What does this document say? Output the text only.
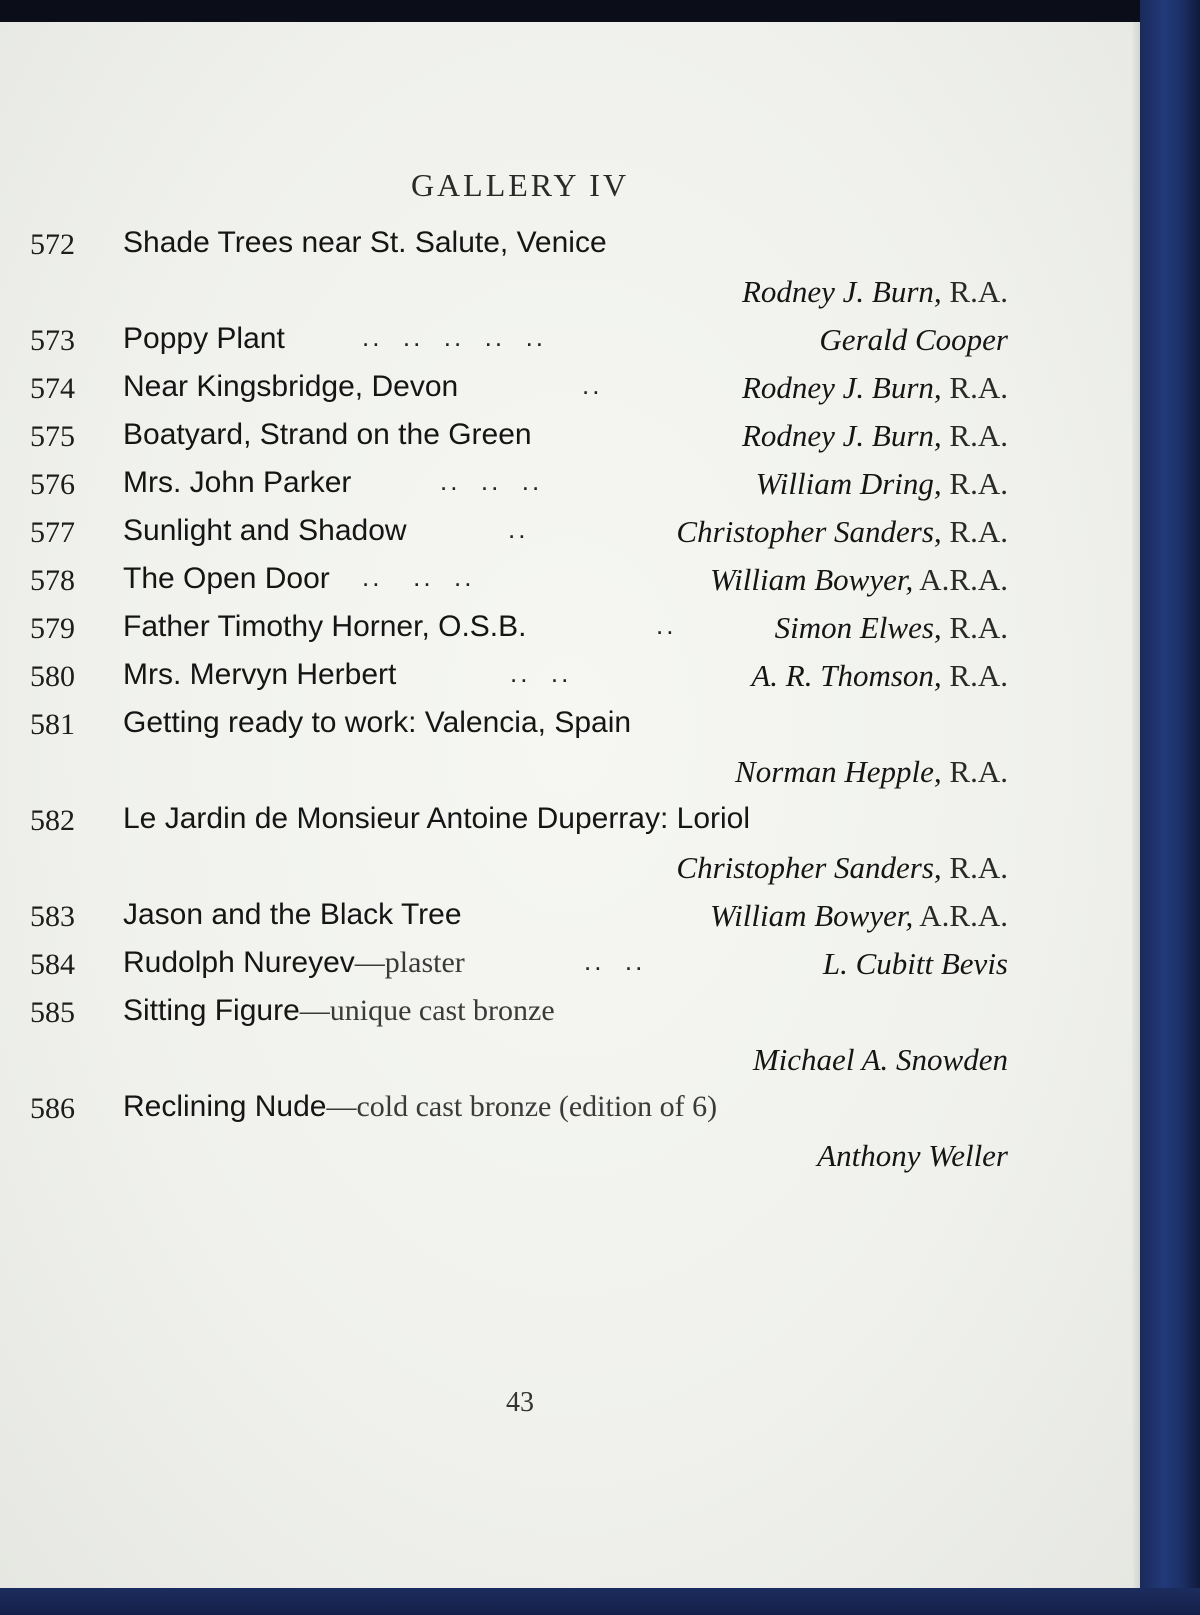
GALLERY IV
572 Shade Trees near St. Salute, Venice
Rodney J. Burn, R.A.
573 Poppy Plant	..  ..  ..  ..  ..	Gerald Cooper
574 Near Kingsbridge, Devon	..	Rodney J. Burn, R.A.
575 Boatyard, Strand on the Green	Rodney J. Burn, R.A.
576 Mrs. John Parker	..  ..  ..	William Dring, R.A.
577 Sunlight and Shadow	..	Christopher Sanders, R.A.
578 The Open Door ..   ..  ..	William Bowyer, A.R.A.
579 Father Timothy Horner, O.S.B.	..	Simon Elwes, R.A.
580 Mrs. Mervyn Herbert	..  ..	A. R. Thomson, R.A.
581 Getting ready to work: Valencia, Spain
Norman Hepple, R.A.
582 Le Jardin de Monsieur Antoine Duperray: Loriol
Christopher Sanders, R.A.
583 Jason and the Black Tree	William Bowyer, A.R.A.
584 Rudolph Nureyev—plaster	..  ..	L. Cubitt Bevis
585 Sitting Figure—unique cast bronze
Michael A. Snowden
586 Reclining Nude—cold cast bronze (edition of 6)
Anthony Weller
43
